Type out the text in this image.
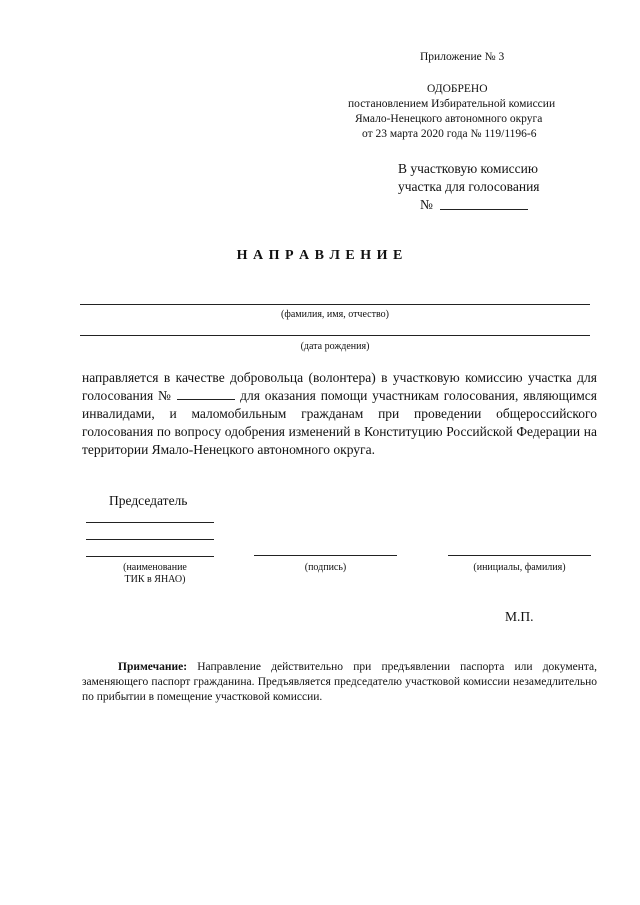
Приложение № 3
ОДОБРЕНО
постановлением Избирательной комиссии
Ямало-Ненецкого автономного округа
от 23 марта 2020 года № 119/1196-6
В участковую комиссию
участка для голосования
№
Н А П Р А В Л Е Н И Е
(фамилия, имя, отчество)
(дата рождения)
направляется в качестве добровольца (волонтера) в участковую комиссию участка для голосования №	для оказания помощи участникам голосования, являющимся инвалидами, и маломобильным гражданам при проведении общероссийского голосования по вопросу одобрения изменений в Конституцию Российской Федерации на территории Ямало-Ненецкого автономного округа.
Председатель
(наименование
ТИК в ЯНАО)
(подпись)	(инициалы, фамилия)
М.П.
Примечание: Направление действительно при предъявлении паспорта или документа, заменяющего паспорт гражданина. Предъявляется председателю участковой комиссии незамедлительно по прибытии в помещение участковой комиссии.
